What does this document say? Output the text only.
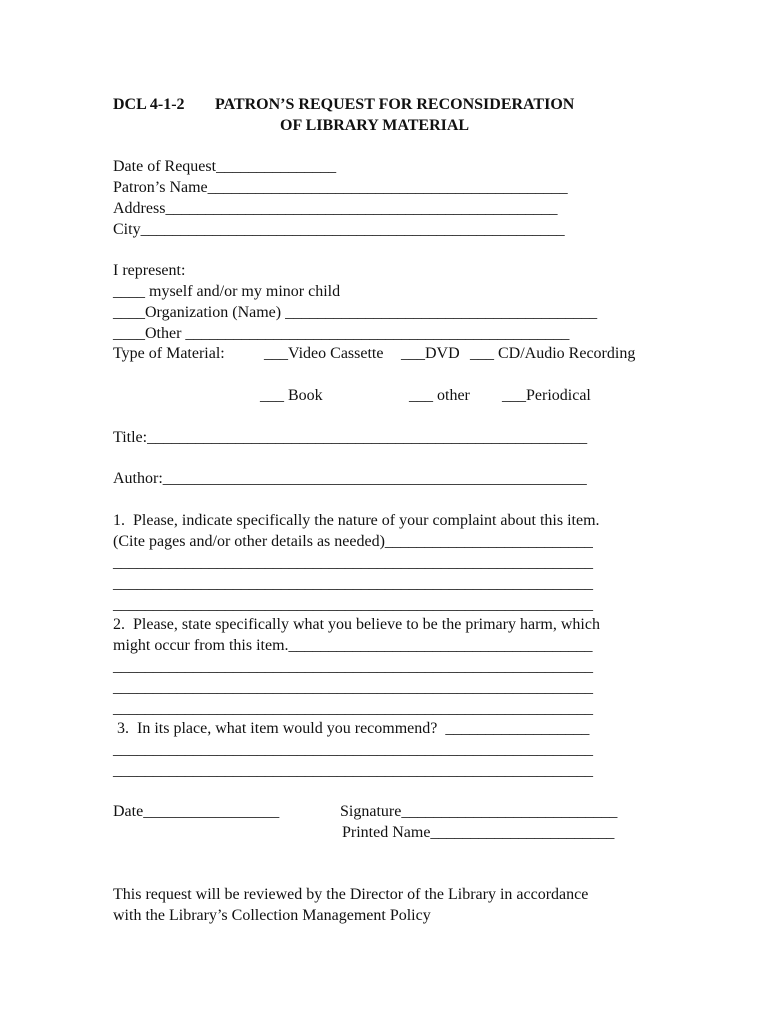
DCL 4-1-2 PATRON’S REQUEST FOR RECONSIDERATION
OF LIBRARY MATERIAL
Date of Request_______________
Patron’s Name_____________________________________________
Address_________________________________________________
City_____________________________________________________
I represent:
____ myself and/or my minor child
____Organization (Name) _______________________________________
____Other ________________________________________________
Type of Material: ___Video Cassette ___DVD ___ CD/Audio Recording
___ Book	___ other ___Periodical
Title:_______________________________________________________
Author:_____________________________________________________
1.  Please, indicate specifically the nature of your complaint about this item.
(Cite pages and/or other details as needed)__________________________
____________________________________________________________
____________________________________________________________
____________________________________________________________
2.  Please, state specifically what you believe to be the primary harm, which
might occur from this item.______________________________________
____________________________________________________________
____________________________________________________________
____________________________________________________________
3.  In its place, what item would you recommend?  __________________
____________________________________________________________
____________________________________________________________
Date_________________	Signature___________________________
Printed Name_______________________
This request will be reviewed by the Director of the Library in accordance
with the Library’s Collection Management Policy
